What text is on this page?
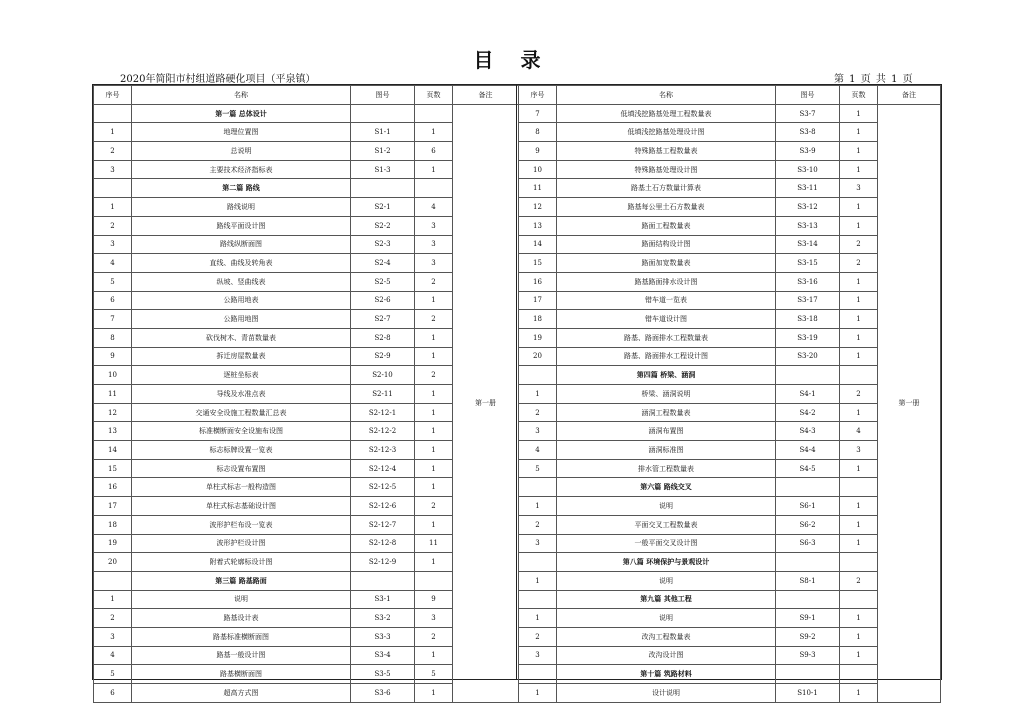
目 录
2020年简阳市村组道路硬化项目（平泉镇）	第 1 页 共 1 页
序号	名称	图号	页数	备注
	第一篇 总体设计			第一册
1	地理位置图	S1-1	1	
2	总说明	S1-2	6	
3	主要技术经济指标表	S1-3	1	
	第二篇 路线			
1	路线说明	S2-1	4	
2	路线平面设计图	S2-2	3	
3	路线纵断面图	S2-3	3	
4	直线、曲线及转角表	S2-4	3	
5	纵坡、竖曲线表	S2-5	2	
6	公路用地表	S2-6	1	
7	公路用地图	S2-7	2	
8	砍伐树木、青苗数量表	S2-8	1	
9	拆迁房屋数量表	S2-9	1	
10	逐桩坐标表	S2-10	2	
11	导线及水准点表	S2-11	1	
12	交通安全设施工程数量汇总表	S2-12-1	1	
13	标准横断面安全设施布设图	S2-12-2	1	
14	标志标牌设置一览表	S2-12-3	1	
15	标志设置布置图	S2-12-4	1	
16	单柱式标志一般构造图	S2-12-5	1	
17	单柱式标志基础设计图	S2-12-6	2	
18	波形护栏布设一览表	S2-12-7	1	
19	波形护栏设计图	S2-12-8	11	
20	附着式轮廓标设计图	S2-12-9	1	
	第三篇 路基路面			
1	说明	S3-1	9	
2	路基设计表	S3-2	3	
3	路基标准横断面图	S3-3	2	
4	路基一般设计图	S3-4	1	
5	路基横断面图	S3-5	5	
6	超高方式图	S3-6	1	
序号	名称	图号	页数	备注
7	低填浅挖路基处理工程数量表	S3-7	1	第一册
8	低填浅挖路基处理设计图	S3-8	1	
9	特殊路基工程数量表	S3-9	1	
10	特殊路基处理设计图	S3-10	1	
11	路基土石方数量计算表	S3-11	3	
12	路基每公里土石方数量表	S3-12	1	
13	路面工程数量表	S3-13	1	
14	路面结构设计图	S3-14	2	
15	路面加宽数量表	S3-15	2	
16	路基路面排水设计图	S3-16	1	
17	错车道一览表	S3-17	1	
18	错车道设计图	S3-18	1	
19	路基、路面排水工程数量表	S3-19	1	
20	路基、路面排水工程设计图	S3-20	1	
	第四篇 桥梁、涵洞			
1	桥梁、涵洞说明	S4-1	2	
2	涵洞工程数量表	S4-2	1	
3	涵洞布置图	S4-3	4	
4	涵洞标准图	S4-4	3	
5	排水管工程数量表	S4-5	1	
	第六篇 路线交叉			
1	说明	S6-1	1	
2	平面交叉工程数量表	S6-2	1	
3	一般平面交叉设计图	S6-3	1	
	第八篇 环境保护与景观设计			
1	说明	S8-1	2	
	第九篇 其他工程			
1	说明	S9-1	1	
2	改沟工程数量表	S9-2	1	
3	改沟设计图	S9-3	1	
	第十篇 筑路材料			
1	设计说明	S10-1	1	
